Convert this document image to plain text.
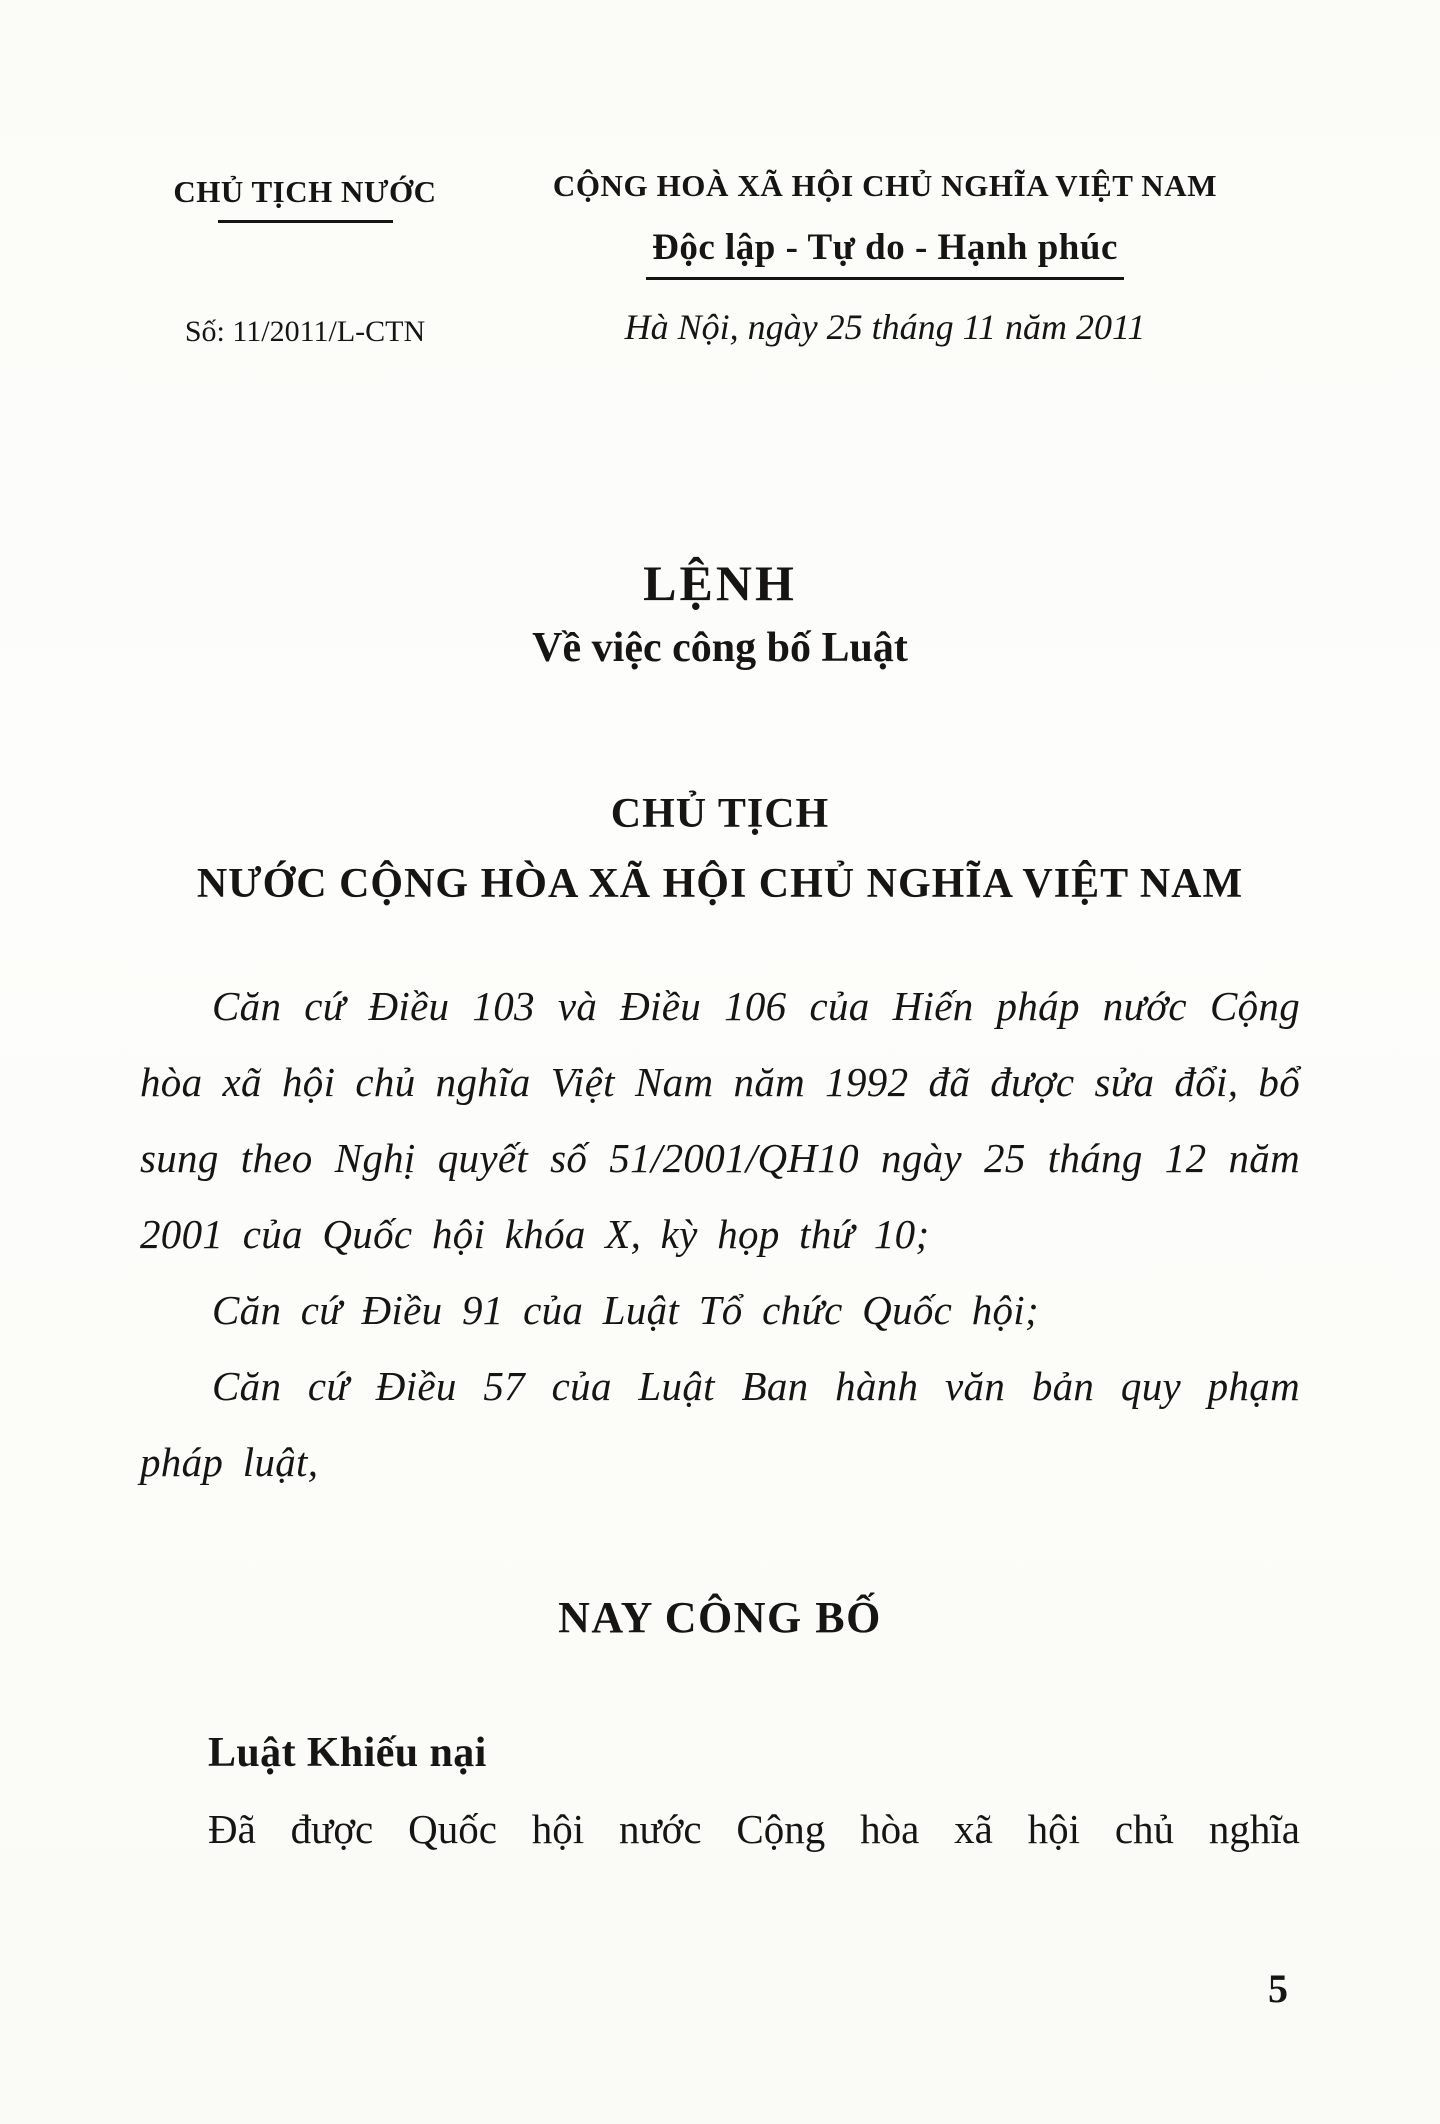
CHỦ TỊCH NƯỚC
Số: 11/2011/L-CTN
CỘNG HOÀ XÃ HỘI CHỦ NGHĨA VIỆT NAM
Độc lập - Tự do - Hạnh phúc
Hà Nội, ngày 25 tháng 11 năm 2011
LỆNH
Về việc công bố Luật
CHỦ TỊCH
NƯỚC CỘNG HÒA XÃ HỘI CHỦ NGHĨA VIỆT NAM

Căn cứ Điều 103 và Điều 106 của Hiến pháp nước Cộng hòa xã hội chủ nghĩa Việt Nam năm 1992 đã được sửa đổi, bổ sung theo Nghị quyết số 51/2001/QH10 ngày 25 tháng 12 năm 2001 của Quốc hội khóa X, kỳ họp thứ 10;

Căn cứ Điều 91 của Luật Tổ chức Quốc hội;

Căn cứ Điều 57 của Luật Ban hành văn bản quy phạm pháp luật,

NAY CÔNG BỐ

Luật Khiếu nại

Đã được Quốc hội nước Cộng hòa xã hội chủ nghĩa

5
